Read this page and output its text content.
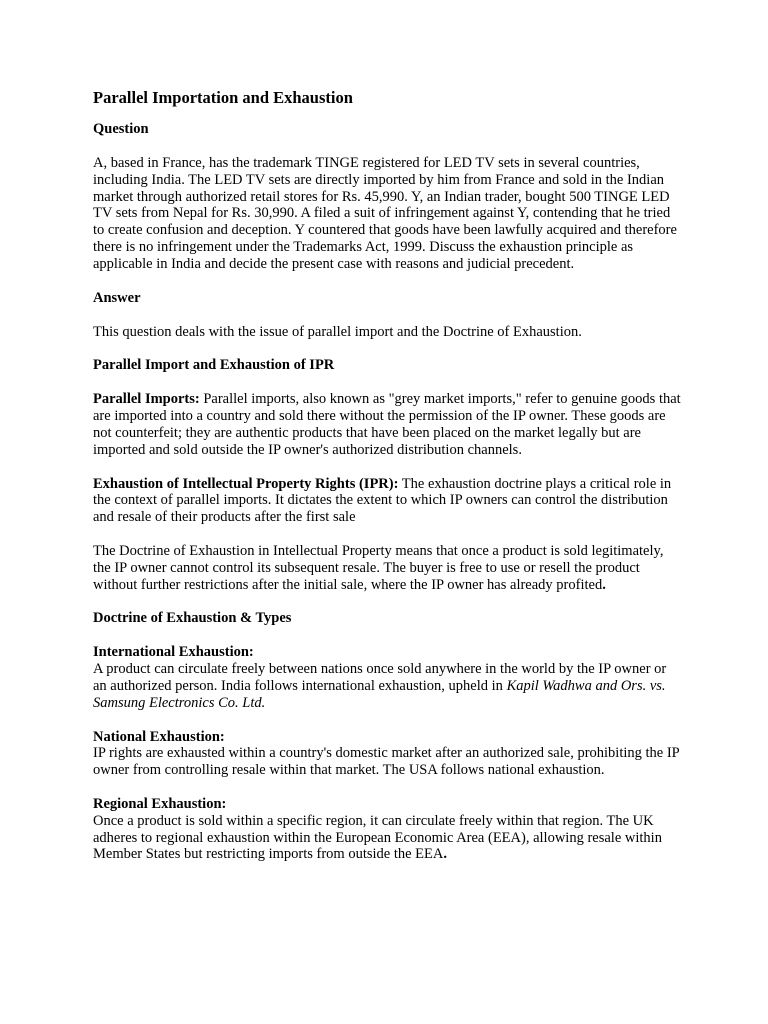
Parallel Importation and Exhaustion
Question

A, based in France, has the trademark TINGE registered for LED TV sets in several countries, including India. The LED TV sets are directly imported by him from France and sold in the Indian market through authorized retail stores for Rs. 45,990. Y, an Indian trader, bought 500 TINGE LED TV sets from Nepal for Rs. 30,990. A filed a suit of infringement against Y, contending that he tried to create confusion and deception. Y countered that goods have been lawfully acquired and therefore there is no infringement under the Trademarks Act, 1999. Discuss the exhaustion principle as applicable in India and decide the present case with reasons and judicial precedent.

Answer

This question deals with the issue of parallel import and the Doctrine of Exhaustion.

Parallel Import and Exhaustion of IPR

Parallel Imports: Parallel imports, also known as "grey market imports," refer to genuine goods that are imported into a country and sold there without the permission of the IP owner. These goods are not counterfeit; they are authentic products that have been placed on the market legally but are imported and sold outside the IP owner's authorized distribution channels.

Exhaustion of Intellectual Property Rights (IPR): The exhaustion doctrine plays a critical role in the context of parallel imports. It dictates the extent to which IP owners can control the distribution and resale of their products after the first sale

The Doctrine of Exhaustion in Intellectual Property means that once a product is sold legitimately, the IP owner cannot control its subsequent resale. The buyer is free to use or resell the product without further restrictions after the initial sale, where the IP owner has already profited.

Doctrine of Exhaustion & Types

International Exhaustion:
A product can circulate freely between nations once sold anywhere in the world by the IP owner or an authorized person. India follows international exhaustion, upheld in Kapil Wadhwa and Ors. vs. Samsung Electronics Co. Ltd.

National Exhaustion:
IP rights are exhausted within a country's domestic market after an authorized sale, prohibiting the IP owner from controlling resale within that market. The USA follows national exhaustion.

Regional Exhaustion:
Once a product is sold within a specific region, it can circulate freely within that region. The UK adheres to regional exhaustion within the European Economic Area (EEA), allowing resale within Member States but restricting imports from outside the EEA.
